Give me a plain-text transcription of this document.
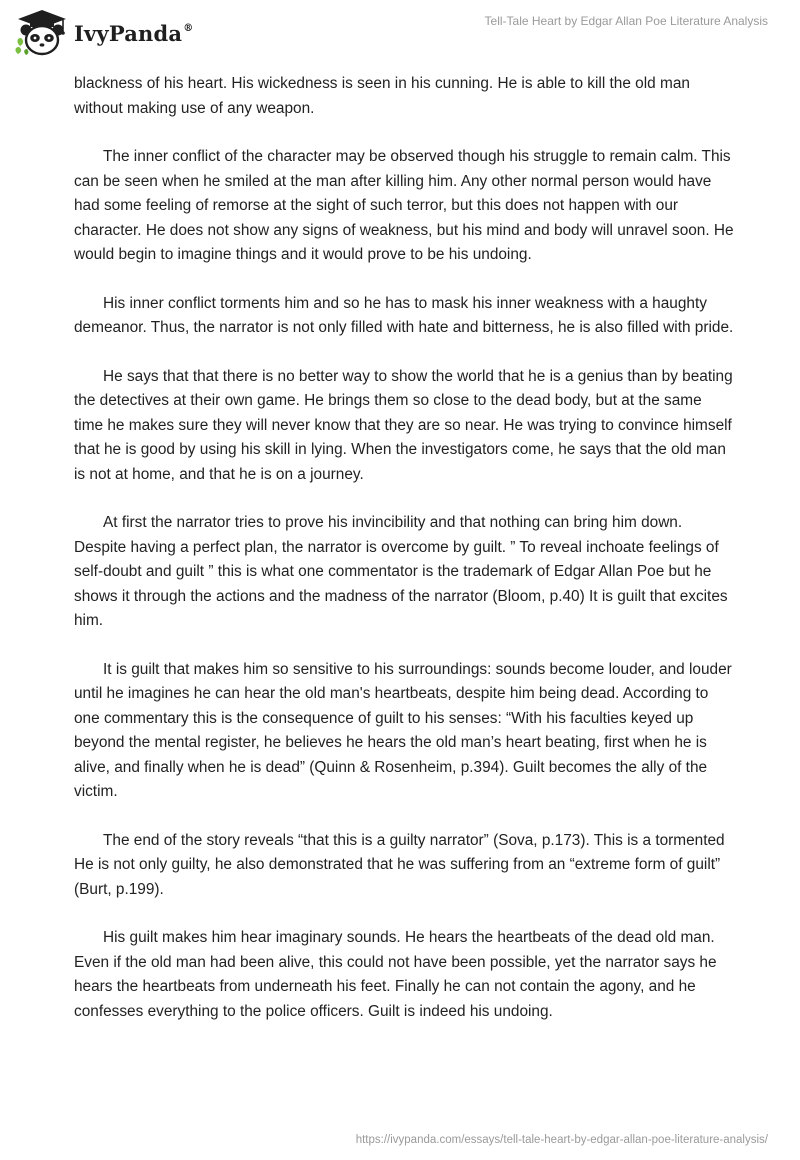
IvyPanda®	Tell-Tale Heart by Edgar Allan Poe Literature Analysis

blackness of his heart. His wickedness is seen in his cunning. He is able to kill the old man without making use of any weapon.

The inner conflict of the character may be observed though his struggle to remain calm. This can be seen when he smiled at the man after killing him. Any other normal person would have had some feeling of remorse at the sight of such terror, but this does not happen with our character. He does not show any signs of weakness, but his mind and body will unravel soon. He would begin to imagine things and it would prove to be his undoing.

His inner conflict torments him and so he has to mask his inner weakness with a haughty demeanor. Thus, the narrator is not only filled with hate and bitterness, he is also filled with pride.

He says that that there is no better way to show the world that he is a genius than by beating the detectives at their own game. He brings them so close to the dead body, but at the same time he makes sure they will never know that they are so near. He was trying to convince himself that he is good by using his skill in lying. When the investigators come, he says that the old man is not at home, and that he is on a journey.

At first the narrator tries to prove his invincibility and that nothing can bring him down. Despite having a perfect plan, the narrator is overcome by guilt. ” To reveal inchoate feelings of self-doubt and guilt ” this is what one commentator is the trademark of Edgar Allan Poe but he shows it through the actions and the madness of the narrator (Bloom, p.40) It is guilt that excites him.

It is guilt that makes him so sensitive to his surroundings: sounds become louder, and louder until he imagines he can hear the old man's heartbeats, despite him being dead. According to one commentary this is the consequence of guilt to his senses: “With his faculties keyed up beyond the mental register, he believes he hears the old man’s heart beating, first when he is alive, and finally when he is dead” (Quinn & Rosenheim, p.394). Guilt becomes the ally of the victim.

The end of the story reveals “that this is a guilty narrator” (Sova, p.173). This is a tormented He is not only guilty, he also demonstrated that he was suffering from an “extreme form of guilt” (Burt, p.199).

His guilt makes him hear imaginary sounds. He hears the heartbeats of the dead old man. Even if the old man had been alive, this could not have been possible, yet the narrator says he hears the heartbeats from underneath his feet. Finally he can not contain the agony, and he confesses everything to the police officers. Guilt is indeed his undoing.

https://ivypanda.com/essays/tell-tale-heart-by-edgar-allan-poe-literature-analysis/
